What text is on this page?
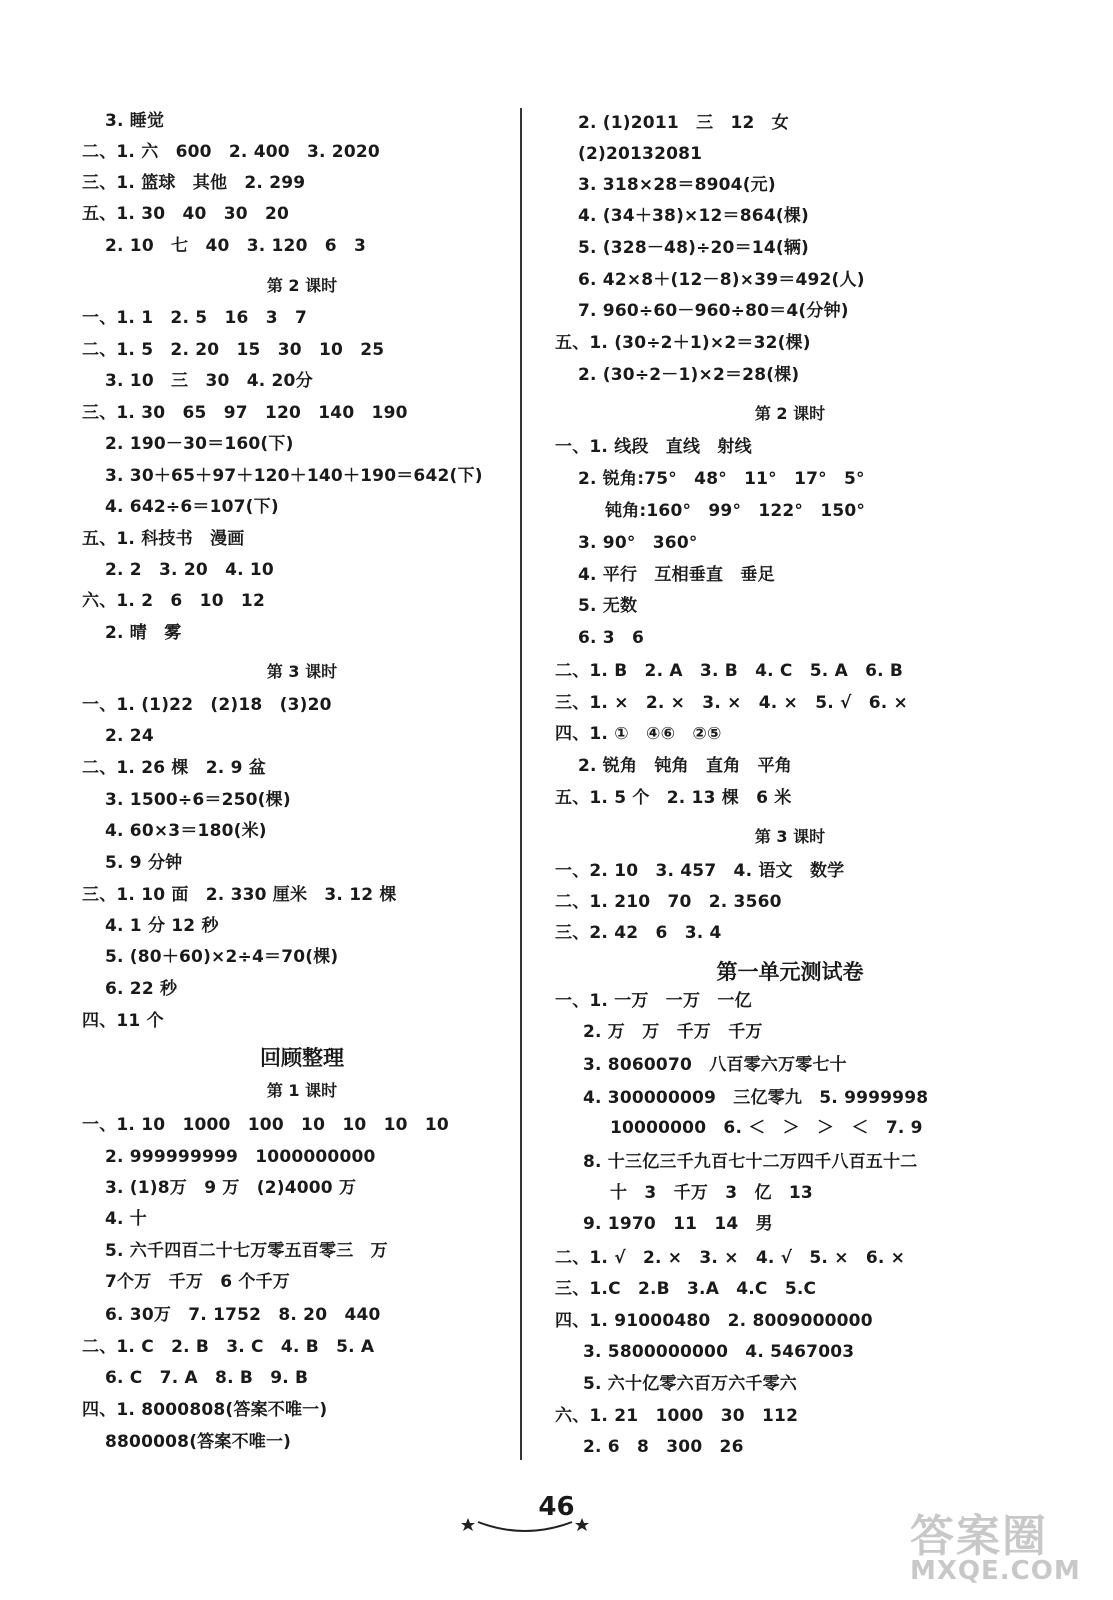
3. 睡觉
二、1. 六　600　2. 400　3. 2020
三、1. 篮球　其他　2. 299
五、1. 30　40　30　20
2. 10　七　40　3. 120　6　3
第 2 课时
一、1. 1　2. 5　16　3　7
二、1. 5　2. 20　15　30　10　25
3. 10　三　30　4. 20分
三、1. 30　65　97　120　140　190
2. 190－30＝160(下)
3. 30＋65＋97＋120＋140＋190＝642(下)
4. 642÷6＝107(下)
五、1. 科技书　漫画
2. 2　3. 20　4. 10
六、1. 2　6　10　12
2. 晴　雾
第 3 课时
一、1. (1)22　(2)18　(3)20
2. 24
二、1. 26 棵　2. 9 盆
3. 1500÷6＝250(棵)
4. 60×3＝180(米)
5. 9 分钟
三、1. 10 面　2. 330 厘米　3. 12 棵
4. 1 分 12 秒
5. (80＋60)×2÷4＝70(棵)
6. 22 秒
四、11 个
回顾整理
第 1 课时
一、1. 10　1000　100　10　10　10　10
2. 999999999　1000000000
3. (1)8万　9 万　(2)4000 万
4. 十
5. 六千四百二十七万零五百零三　万
7个万　千万　6 个千万
6. 30万　7. 1752　8. 20　440
二、1. C　2. B　3. C　4. B　5. A
6. C　7. A　8. B　9. B
四、1. 8000808(答案不唯一)
8800008(答案不唯一)
2. (1)2011　三　12　女
(2)20132081
3. 318×28＝8904(元)
4. (34＋38)×12＝864(棵)
5. (328－48)÷20＝14(辆)
6. 42×8＋(12－8)×39＝492(人)
7. 960÷60－960÷80＝4(分钟)
五、1. (30÷2＋1)×2＝32(棵)
2. (30÷2－1)×2＝28(棵)
第 2 课时
一、1. 线段　直线　射线
2. 锐角:75°　48°　11°　17°　5°
钝角:160°　99°　122°　150°
3. 90°　360°
4. 平行　互相垂直　垂足
5. 无数
6. 3　6
二、1. B　2. A　3. B　4. C　5. A　6. B
三、1. ×　2. ×　3. ×　4. ×　5. √　6. ×
四、1. ①　④⑥　②⑤
2. 锐角　钝角　直角　平角
五、1. 5 个　2. 13 棵　6 米
第 3 课时
一、2. 10　3. 457　4. 语文　数学
二、1. 210　70　2. 3560
三、2. 42　6　3. 4
第一单元测试卷
一、1. 一万　一万　一亿
2. 万　万　千万　千万
3. 8060070　八百零六万零七十
4. 300000009　三亿零九　5. 9999998
10000000　6. ＜　＞　＞　＜　7. 9
8. 十三亿三千九百七十二万四千八百五十二
十　3　千万　3　亿　13
9. 1970　11　14　男
二、1. √　2. ×　3. ×　4. √　5. ×　6. ×
三、1.C　2.B　3.A　4.C　5.C
四、1. 91000480　2. 8009000000
3. 5800000000　4. 5467003
5. 六十亿零六百万六千零六
六、1. 21　1000　30　112
2. 6　8　300　26
46
答案圈
MXQE.COM
